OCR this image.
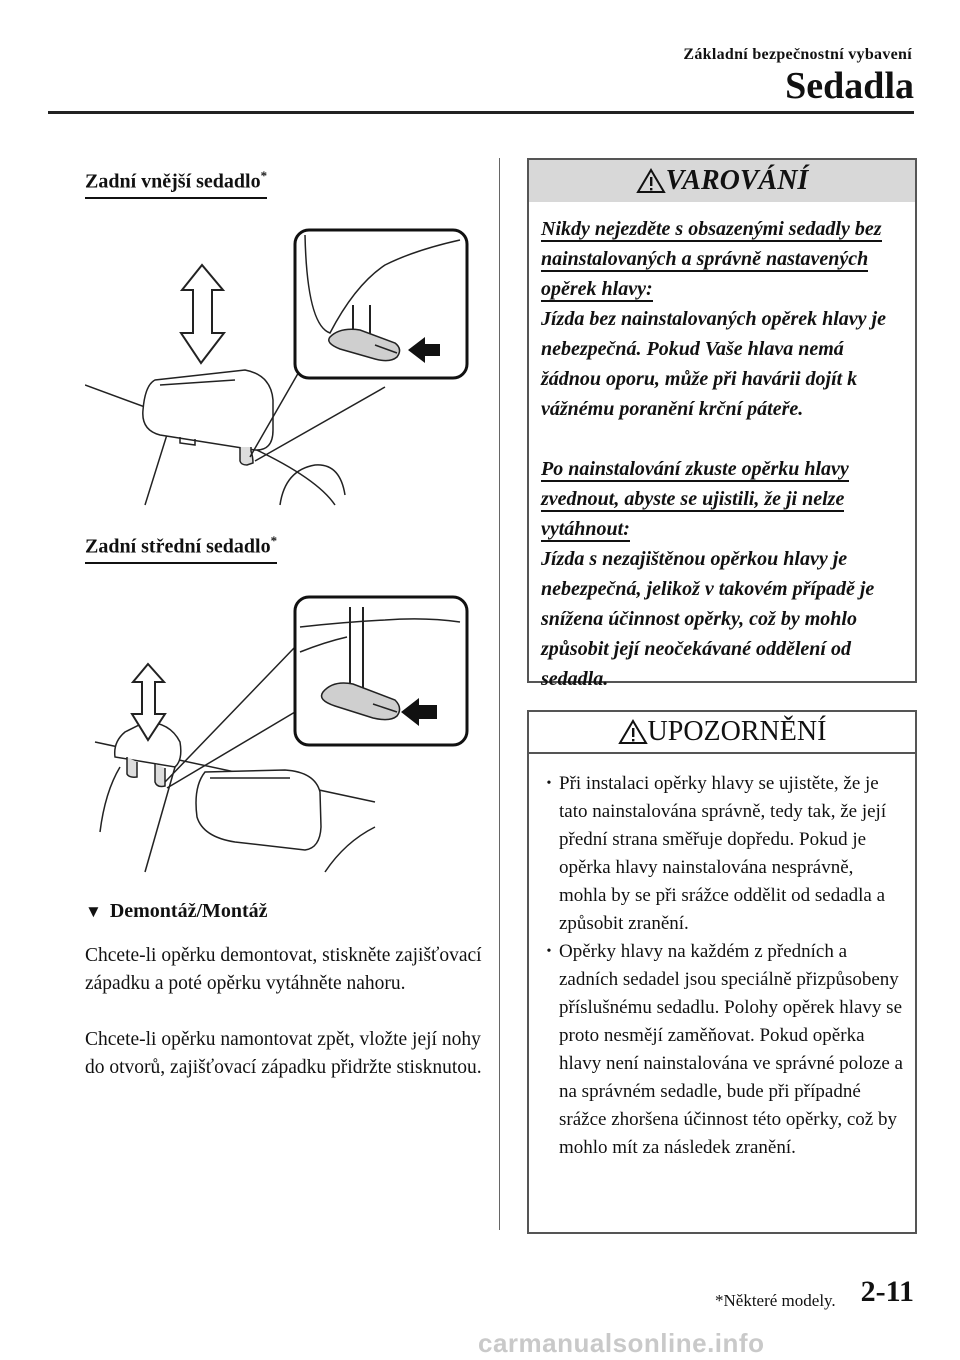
Základní bezpečnostní vybavení
Sedadla
Zadní vnější sedadlo*
Zadní střední sedadlo*
▼ Demontáž/Montáž
Chcete-li opěrku demontovat, stiskněte zajišťovací západku a poté opěrku vytáhněte nahoru.
Chcete-li opěrku namontovat zpět, vložte její nohy do otvorů, zajišťovací západku přidržte stisknutou.
VAROVÁNÍ
Nikdy nejezděte s obsazenými sedadly bez nainstalovaných a správně nastavených opěrek hlavy:
Jízda bez nainstalovaných opěrek hlavy je nebezpečná. Pokud Vaše hlava nemá žádnou oporu, může při havárii dojít k vážnému poranění krční páteře.
Po nainstalování zkuste opěrku hlavy zvednout, abyste se ujistili, že ji nelze vytáhnout:
Jízda s nezajištěnou opěrkou hlavy je nebezpečná, jelikož v takovém případě je snížena účinnost opěrky, což by mohlo způsobit její neočekávané oddělení od sedadla.
UPOZORNĚNÍ
• Při instalaci opěrky hlavy se ujistěte, že je tato nainstalována správně, tedy tak, že její přední strana směřuje dopředu. Pokud je opěrka hlavy nainstalována nesprávně, mohla by se při srážce oddělit od sedadla a způsobit zranění.
• Opěrky hlavy na každém z předních a zadních sedadel jsou speciálně přizpůsobeny příslušnému sedadlu. Polohy opěrek hlavy se proto nesmějí zaměňovat. Pokud opěrka hlavy není nainstalována ve správné poloze a na správném sedadle, bude při případné srážce zhoršena účinnost této opěrky, což by mohlo mít za následek zranění.
*Některé modely. 2-11
carmanualsonline.info
